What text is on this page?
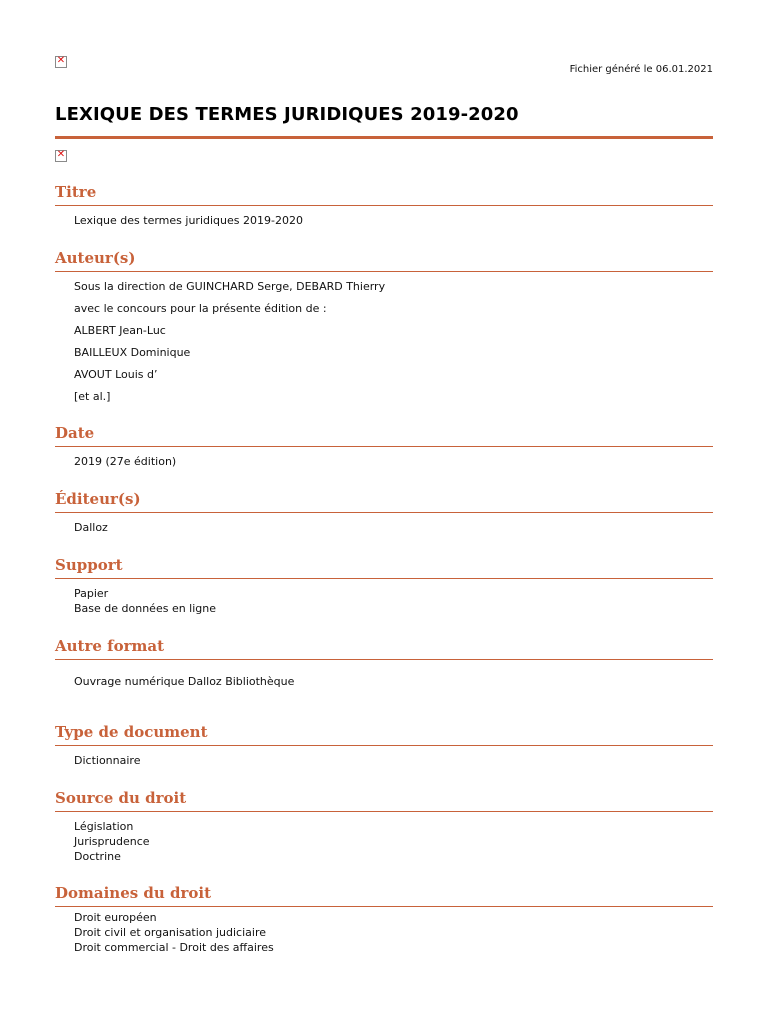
✕
Fichier généré le 06.01.2021
LEXIQUE DES TERMES JURIDIQUES 2019-2020
✕
Titre
Lexique des termes juridiques 2019-2020
Auteur(s)
Sous la direction de GUINCHARD Serge, DEBARD Thierry
avec le concours pour la présente édition de :
ALBERT Jean-Luc
BAILLEUX Dominique
AVOUT Louis d’
[et al.]
Date
2019 (27e édition)
Éditeur(s)
Dalloz
Support
Papier
Base de données en ligne
Autre format
Ouvrage numérique Dalloz Bibliothèque
Type de document
Dictionnaire
Source du droit
Législation
Jurisprudence
Doctrine
Domaines du droit
Droit européen
Droit civil et organisation judiciaire
Droit commercial - Droit des affaires
